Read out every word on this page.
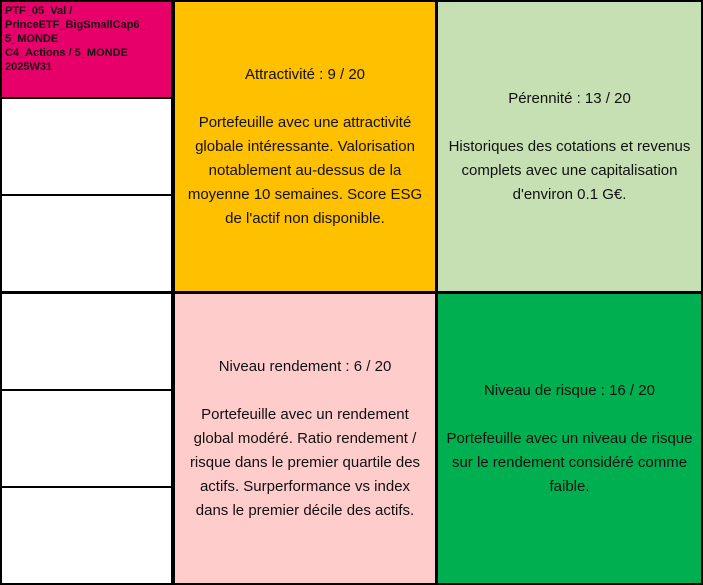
PTF_05_Val /
PrinceETF_BigSmallCap6_
5_MONDE
C4_Actions / 5_MONDE
2025W31	Attractivité : 9 / 20
Portefeuille avec une attractivité globale intéressante. Valorisation notablement au-dessus de la moyenne 10 semaines. Score ESG de l'actif non disponible.
Pérennité : 13 / 20
Historiques des cotations et revenus complets avec une capitalisation d'environ 0.1 G€.
Niveau rendement : 6 / 20
Portefeuille avec un rendement global modéré. Ratio rendement / risque dans le premier quartile des actifs. Surperformance vs index dans le premier décile des actifs.
Niveau de risque : 16 / 20
Portefeuille avec un niveau de risque sur le rendement considéré comme faible.
